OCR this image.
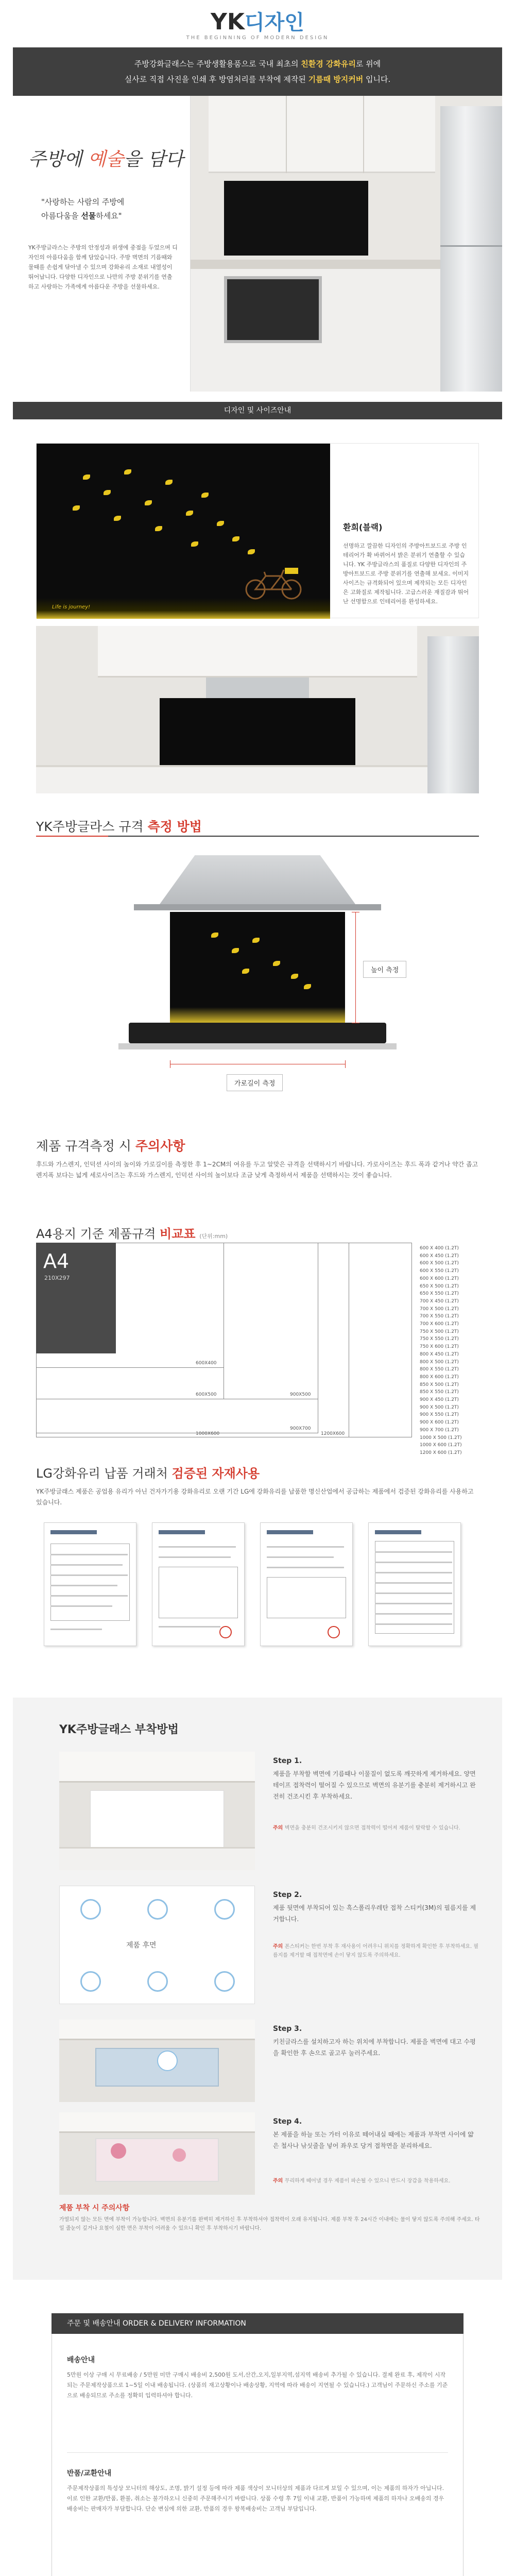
YK디자인
THE BEGINNING OF MODERN DESIGN
주방강화글래스는 주방생활용품으로 국내 최초의 친환경 강화유리로 위에
실사로 직접 사진을 인쇄 후 방염처리를 부착에 제작된 기름때 방지커버 입니다.
주방에 예술을 담다
"사랑하는 사람의 주방에
아름다움을 선물하세요"
YK주방글라스는 주방의 안정성과 위생에 중점을 두었으며 디자인의 아름다움을 함께 담았습니다. 주방 벽면의 기름때와 물때를 손쉽게 닦아낼 수 있으며 강화유리 소재로 내열성이 뛰어납니다. 다양한 디자인으로 나만의 주방 분위기를 연출하고 사랑하는 가족에게 아름다운 주방을 선물하세요.
디자인 및 사이즈안내
Life is journey!
환희(블랙)
선명하고 깔끔한 디자인의 주방아트보드로 주방 인테리어가 확 바뀌어서 밝은 분위기 연출할 수 있습니다. YK 주방글라스의 품질로 다양한 디자인의 주방아트보드로 주방 분위기를 연출해 보세요. 이미지 사이즈는 규격화되어 있으며 제작되는 모든 디자인은 고화질로 제작됩니다. 고급스러운 재질감과 뛰어난 선명함으로 인테리어를 완성하세요.
YK주방글라스 규격 측정 방법
높이 측정
가로길이 측정
제품 규격측정 시 주의사항
후드와 가스렌지, 인덕션 사이의 높이와 가로길이를 측정한 후 1~2CM의 여유를 두고 알맞은 규격을 선택하시기 바랍니다. 가로사이즈는 후드 폭과 같거나 약간 좁고 렌지폭 보다는 넓게 세로사이즈는 후드와 가스렌지, 인덕션 사이의 높이보다 조금 낮게 측정하셔서 제품을 선택하시는 것이 좋습니다.
A4용지 기준 제품규격 비교표 (단위:mm)
A4
210X297
600X400
600X500	900X500
900X700
1000X600	1200X600
600 X 400 (1.2T)
600 X 450 (1.2T)
600 X 500 (1.2T)
600 X 550 (1.2T)
600 X 600 (1.2T)
650 X 500 (1.2T)
650 X 550 (1.2T)
700 X 450 (1.2T)
700 X 500 (1.2T)
700 X 550 (1.2T)
700 X 600 (1.2T)
750 X 500 (1.2T)
750 X 550 (1.2T)
750 X 600 (1.2T)
800 X 450 (1.2T)
800 X 500 (1.2T)
800 X 550 (1.2T)
800 X 600 (1.2T)
850 X 500 (1.2T)
850 X 550 (1.2T)
900 X 450 (1.2T)
900 X 500 (1.2T)
900 X 550 (1.2T)
900 X 600 (1.2T)
900 X 700 (1.2T)
1000 X 500 (1.2T)
1000 X 600 (1.2T)
1200 X 600 (1.2T)
LG강화유리 납품 거래처 검증된 자재사용
YK주방글래스 제품은 공업용 유리가 아닌 건자가기용 강화유리로 오랜 기간 LG에 강화유리를 납품한 명신산업에서 공급하는 제품에서 검증된 강화유리를 사용하고 있습니다.
YK주방글래스 부착방법
Step 1.
제품을 부착할 벽면에 기름때나 이물질이 없도록 깨끗하게 제거하세요. 양면테이프 접착력이 떨어질 수 있으므로 벽면의 유분기를 충분히 제거하시고 완전히 건조시킨 후 부착하세요.
주의 벽면을 충분히 건조시키지 않으면 접착력이 떨어져 제품이 탈락할 수 있습니다.
제품 후면
Step 2.
제품 뒷면에 부착되어 있는 흑스폴리우레탄 접착 스티커(3M)의 필름지를 제거합니다.
주의 폰스티커는 한번 부착 후 재사용이 어려우니 위치를 정확하게 확인한 후 부착하세요. 필름지를 제거할 때 접착면에 손이 닿지 않도록 주의하세요.
Step 3.
키친글라스를 설치하고자 하는 위치에 부착합니다. 제품을 벽면에 대고 수평을 확인한 후 손으로 골고루 눌러주세요.
Step 4.
본 제품을 하늘 또는 가터 이유로 떼어내실 때에는 제품과 부착면 사이에 얇은 철사나 낚싯줄을 넣어 좌우로 당겨 접착면을 분리하세요.
주의 무리하게 떼어낼 경우 제품이 파손될 수 있으니 반드시 장갑을 착용하세요.
제품 부착 시 주의사항
가열되지 않는 모든 면에 부착이 가능합니다. 벽면의 유분기를 완벽히 제거하신 후 부착하셔야 접착력이 오래 유지됩니다. 제품 부착 후 24시간 이내에는 물이 닿지 않도록 주의해 주세요. 타일 줄눈이 깊거나 요철이 심한 면은 부착이 어려울 수 있으니 확인 후 부착하시기 바랍니다.
주문 및 배송안내 ORDER & DELIVERY INFORMATION
배송안내
5만원 이상 구매 시 무료배송 / 5만원 미만 구매시 배송비 2,500원 도서,산간,오지,일부지역,섬지역 배송비 추가될 수 있습니다. 결제 완료 후, 제작이 시작되는 주문제작상품으로 1~5일 이내 배송됩니다. (상품의 재고상황이나 배송상황, 지역에 따라 배송이 지연될 수 있습니다.) 고객님이 주문하신 주소를 기준으로 배송되므로 주소를 정확히 입력하셔야 합니다.
반품/교환안내
주문제작상품의 특성상 모니터의 해상도, 조명, 밝기 설정 등에 따라 제품 색상이 모니터상의 제품과 다르게 보일 수 있으며, 이는 제품의 하자가 아닙니다. 이로 인한 교환/반품, 환불, 취소는 불가하오니 신중히 주문해주시기 바랍니다. 상품 수령 후 7일 이내 교환, 반품이 가능하며 제품의 하자나 오배송의 경우 배송비는 판매자가 부담합니다. 단순 변심에 의한 교환, 반품의 경우 왕복배송비는 고객님 부담입니다.
